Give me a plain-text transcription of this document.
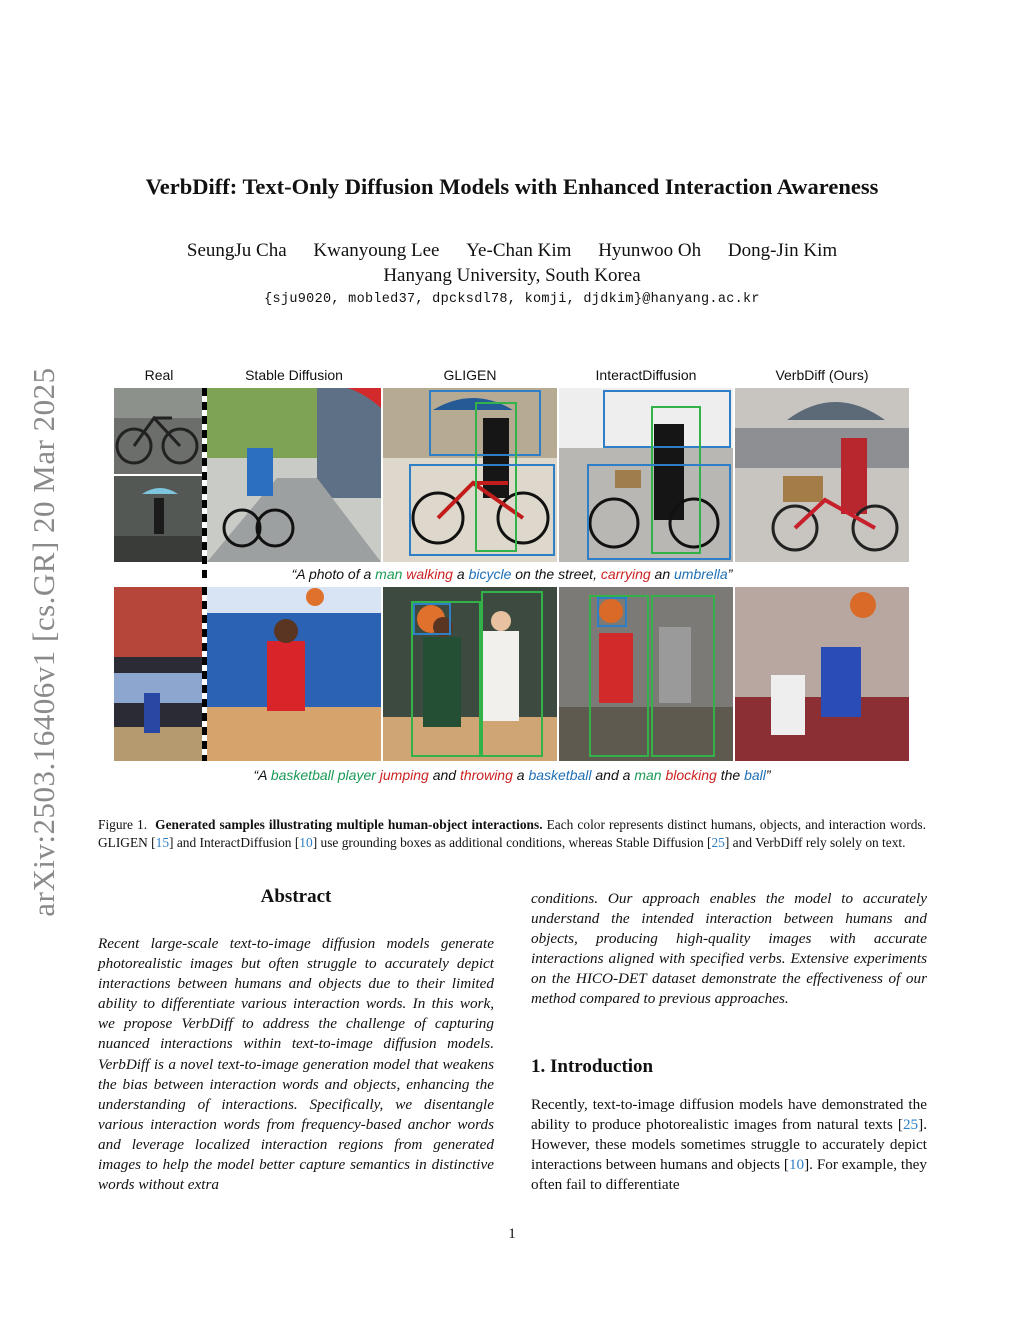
arXiv:2503.16406v1 [cs.GR] 20 Mar 2025
VerbDiff: Text-Only Diffusion Models with Enhanced Interaction Awareness
SeungJu Cha Kwanyoung Lee Ye-Chan Kim Hyunwoo Oh Dong-Jin Kim
Hanyang University, South Korea
{sju9020, mobled37, dpcksdl78, komji, djdkim}@hanyang.ac.kr
Real	Stable Diffusion	GLIGEN	InteractDiffusion	VerbDiff (Ours)
“A photo of a man walking a bicycle on the street, carrying an umbrella”
“A basketball player jumping and throwing a basketball and a man blocking the ball”
Figure 1. Generated samples illustrating multiple human-object interactions. Each color represents distinct humans, objects, and interaction words. GLIGEN [15] and InteractDiffusion [10] use grounding boxes as additional conditions, whereas Stable Diffusion [25] and VerbDiff rely solely on text.
Abstract
Recent large-scale text-to-image diffusion models generate photorealistic images but often struggle to accurately depict interactions between humans and objects due to their limited ability to differentiate various interaction words. In this work, we propose VerbDiff to address the challenge of capturing nuanced interactions within text-to-image diffusion models. VerbDiff is a novel text-to-image generation model that weakens the bias between interaction words and objects, enhancing the understanding of interactions. Specifically, we disentangle various interaction words from frequency-based anchor words and leverage localized interaction regions from generated images to help the model better capture semantics in distinctive words without extra
conditions. Our approach enables the model to accurately understand the intended interaction between humans and objects, producing high-quality images with accurate interactions aligned with specified verbs. Extensive experiments on the HICO-DET dataset demonstrate the effectiveness of our method compared to previous approaches.
1. Introduction
Recently, text-to-image diffusion models have demonstrated the ability to produce photorealistic images from natural texts [25]. However, these models sometimes struggle to accurately depict interactions between humans and objects [10]. For example, they often fail to differentiate
1
